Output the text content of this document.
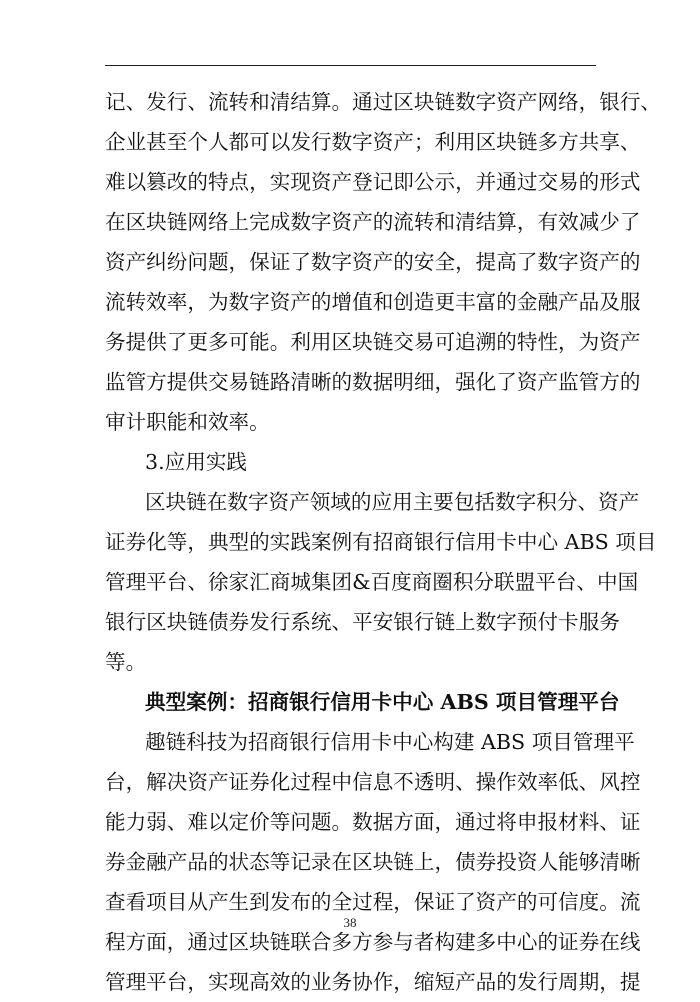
记、发行、流转和清结算。通过区块链数字资产网络，银行、
企业甚至个人都可以发行数字资产；利用区块链多方共享、
难以篡改的特点，实现资产登记即公示，并通过交易的形式
在区块链网络上完成数字资产的流转和清结算，有效减少了
资产纠纷问题，保证了数字资产的安全，提高了数字资产的
流转效率，为数字资产的增值和创造更丰富的金融产品及服
务提供了更多可能。利用区块链交易可追溯的特性，为资产
监管方提供交易链路清晰的数据明细，强化了资产监管方的
审计职能和效率。
3.应用实践
区块链在数字资产领域的应用主要包括数字积分、资产
证券化等，典型的实践案例有招商银行信用卡中心 ABS 项目
管理平台、徐家汇商城集团&百度商圈积分联盟平台、中国
银行区块链债券发行系统、平安银行链上数字预付卡服务
等。
典型案例：招商银行信用卡中心 ABS 项目管理平台
趣链科技为招商银行信用卡中心构建 ABS 项目管理平
台，解决资产证券化过程中信息不透明、操作效率低、风控
能力弱、难以定价等问题。数据方面，通过将申报材料、证
券金融产品的状态等记录在区块链上，债券投资人能够清晰
查看项目从产生到发布的全过程，保证了资产的可信度。流
程方面，通过区块链联合多方参与者构建多中心的证券在线
管理平台，实现高效的业务协作，缩短产品的发行周期，提
38
